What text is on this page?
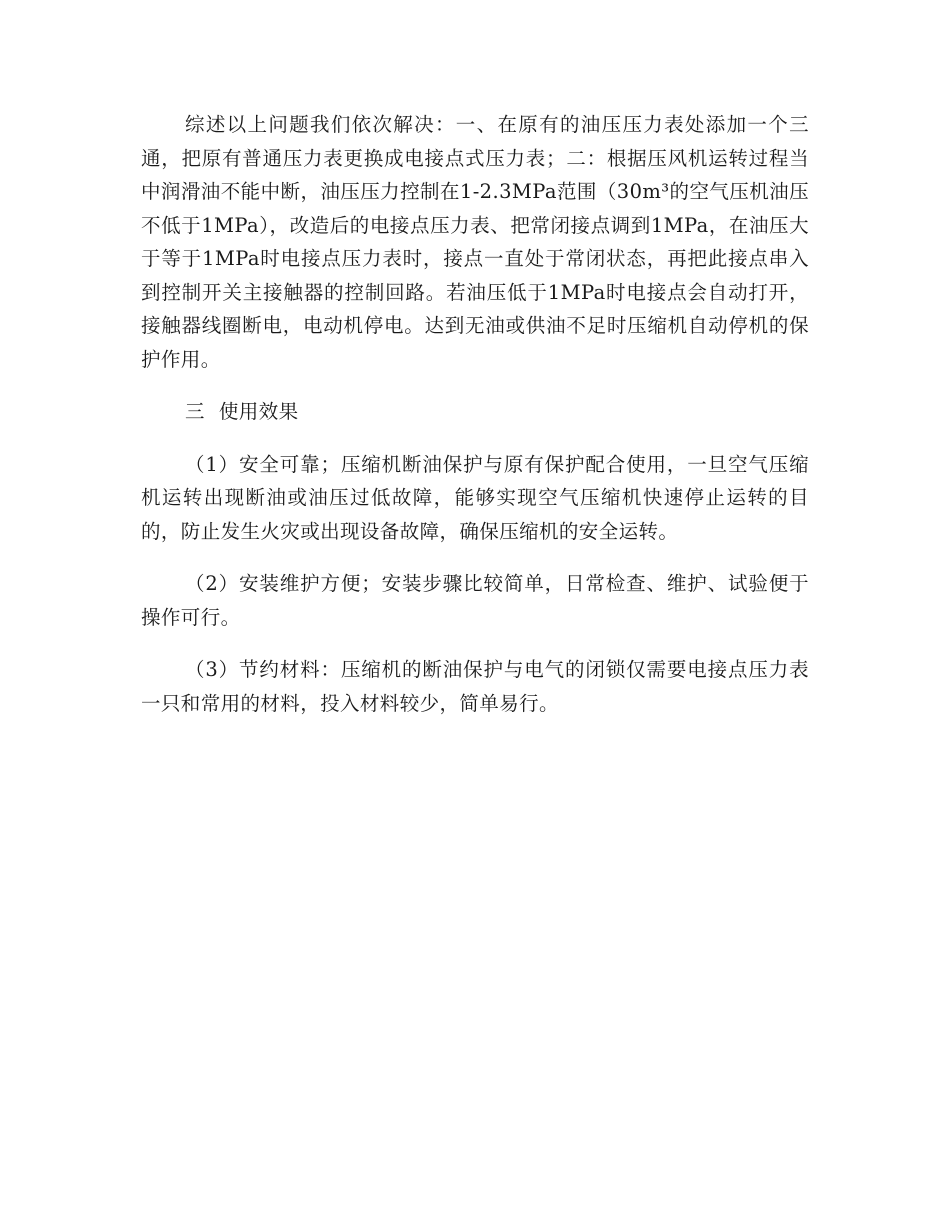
综述以上问题我们依次解决：一、在原有的油压压力表处添加一个三通，把原有普通压力表更换成电接点式压力表；二：根据压风机运转过程当中润滑油不能中断，油压压力控制在1-2.3MPa范围（30m³的空气压机油压不低于1MPa），改造后的电接点压力表、把常闭接点调到1MPa，在油压大于等于1MPa时电接点压力表时，接点一直处于常闭状态，再把此接点串入到控制开关主接触器的控制回路。若油压低于1MPa时电接点会自动打开，接触器线圈断电，电动机停电。达到无油或供油不足时压缩机自动停机的保护作用。

三 使用效果

（1）安全可靠；压缩机断油保护与原有保护配合使用，一旦空气压缩机运转出现断油或油压过低故障，能够实现空气压缩机快速停止运转的目的，防止发生火灾或出现设备故障，确保压缩机的安全运转。

（2）安装维护方便；安装步骤比较简单，日常检查、维护、试验便于操作可行。

（3）节约材料：压缩机的断油保护与电气的闭锁仅需要电接点压力表一只和常用的材料，投入材料较少，简单易行。
